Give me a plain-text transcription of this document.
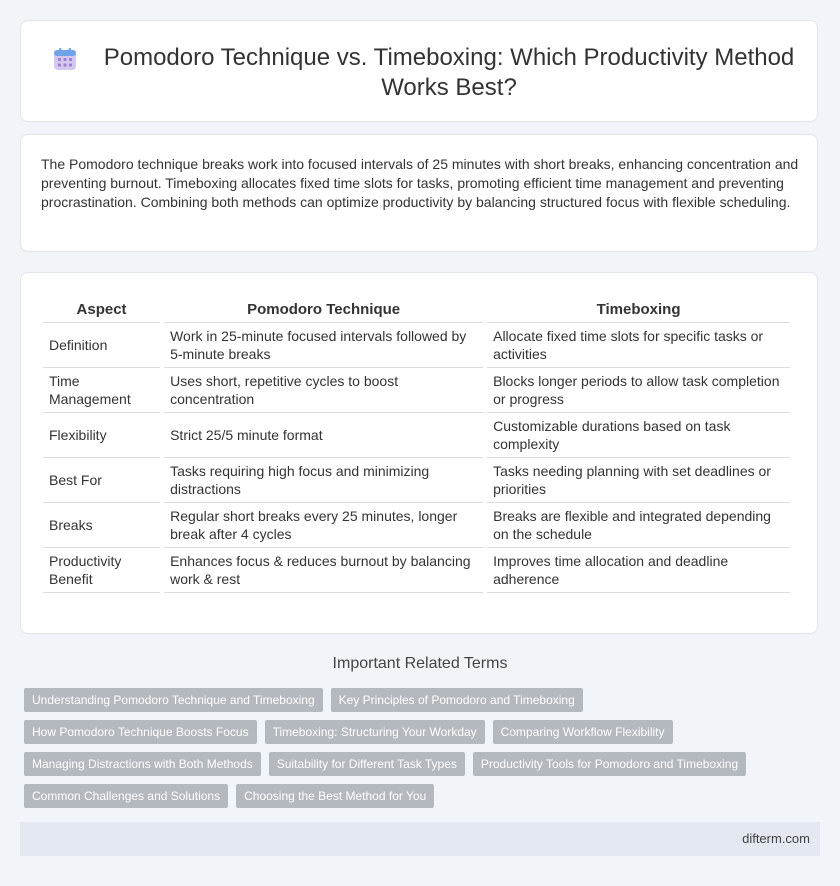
Pomodoro Technique vs. Timeboxing: Which Productivity Method Works Best?

The Pomodoro technique breaks work into focused intervals of 25 minutes with short breaks, enhancing concentration and preventing burnout. Timeboxing allocates fixed time slots for tasks, promoting efficient time management and preventing procrastination. Combining both methods can optimize productivity by balancing structured focus with flexible scheduling.

Aspect	Pomodoro Technique	Timeboxing
Definition	Work in 25-minute focused intervals followed by 5-minute breaks	Allocate fixed time slots for specific tasks or activities
Time Management	Uses short, repetitive cycles to boost concentration	Blocks longer periods to allow task completion or progress
Flexibility	Strict 25/5 minute format	Customizable durations based on task complexity
Best For	Tasks requiring high focus and minimizing distractions	Tasks needing planning with set deadlines or priorities
Breaks	Regular short breaks every 25 minutes, longer break after 4 cycles	Breaks are flexible and integrated depending on the schedule
Productivity Benefit	Enhances focus & reduces burnout by balancing work & rest	Improves time allocation and deadline adherence
Important Related Terms
Understanding Pomodoro Technique and Timeboxing	Key Principles of Pomodoro and Timeboxing
How Pomodoro Technique Boosts Focus	Timeboxing: Structuring Your Workday	Comparing Workflow Flexibility
Managing Distractions with Both Methods	Suitability for Different Task Types	Productivity Tools for Pomodoro and Timeboxing
Common Challenges and Solutions	Choosing the Best Method for You
difterm.com
